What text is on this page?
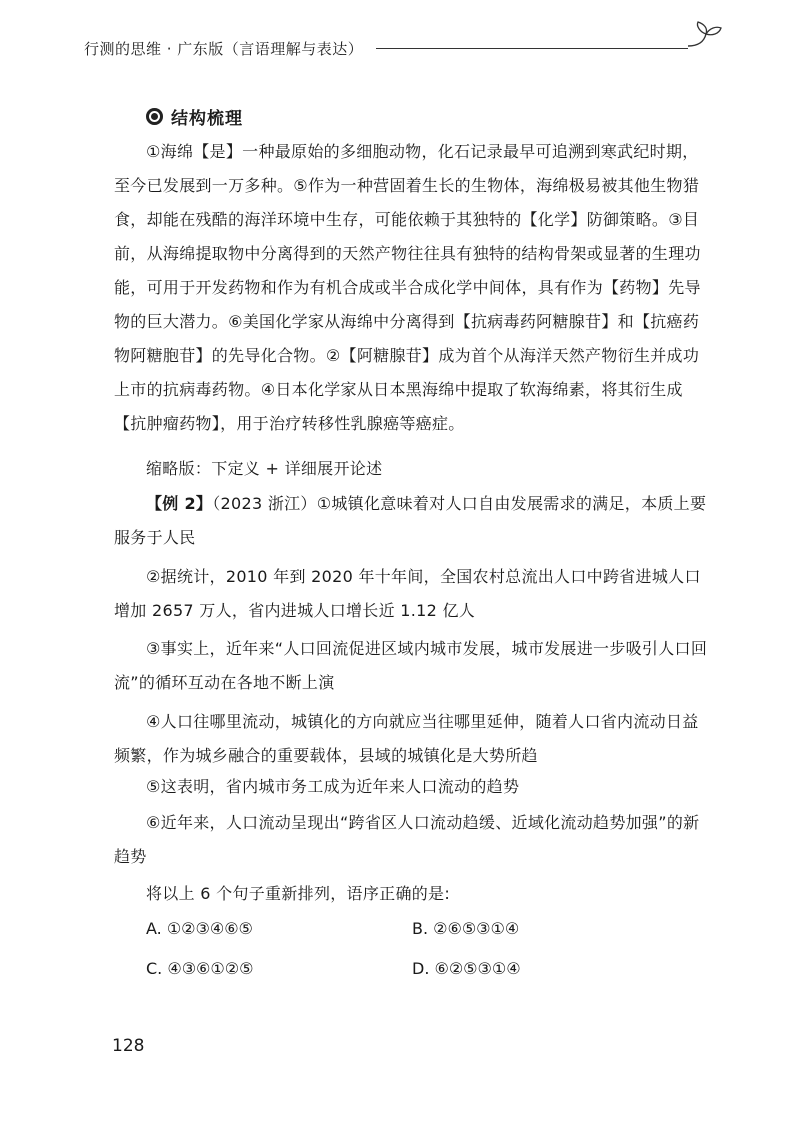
行测的思维 · 广东版（言语理解与表达）
结构梳理

①海绵【是】一种最原始的多细胞动物，化石记录最早可追溯到寒武纪时期，至今已发展到一万多种。⑤作为一种营固着生长的生物体，海绵极易被其他生物猎食，却能在残酷的海洋环境中生存，可能依赖于其独特的【化学】防御策略。③目前，从海绵提取物中分离得到的天然产物往往具有独特的结构骨架或显著的生理功能，可用于开发药物和作为有机合成或半合成化学中间体，具有作为【药物】先导物的巨大潜力。⑥美国化学家从海绵中分离得到【抗病毒药阿糖腺苷】和【抗癌药物阿糖胞苷】的先导化合物。②【阿糖腺苷】成为首个从海洋天然产物衍生并成功上市的抗病毒药物。④日本化学家从日本黑海绵中提取了软海绵素，将其衍生成【抗肿瘤药物】，用于治疗转移性乳腺癌等癌症。

缩略版：下定义 + 详细展开论述

【例 2】（2023 浙江）①城镇化意味着对人口自由发展需求的满足，本质上要服务于人民

②据统计，2010 年到 2020 年十年间，全国农村总流出人口中跨省进城人口增加 2657 万人，省内进城人口增长近 1.12 亿人

③事实上，近年来“人口回流促进区域内城市发展，城市发展进一步吸引人口回流”的循环互动在各地不断上演

④人口往哪里流动，城镇化的方向就应当往哪里延伸，随着人口省内流动日益频繁，作为城乡融合的重要载体，县域的城镇化是大势所趋

⑤这表明，省内城市务工成为近年来人口流动的趋势

⑥近年来，人口流动呈现出“跨省区人口流动趋缓、近域化流动趋势加强”的新趋势

将以上 6 个句子重新排列，语序正确的是:

A. ①②③④⑥⑤	B. ②⑥⑤③①④
C. ④③⑥①②⑤	D. ⑥②⑤③①④
128
